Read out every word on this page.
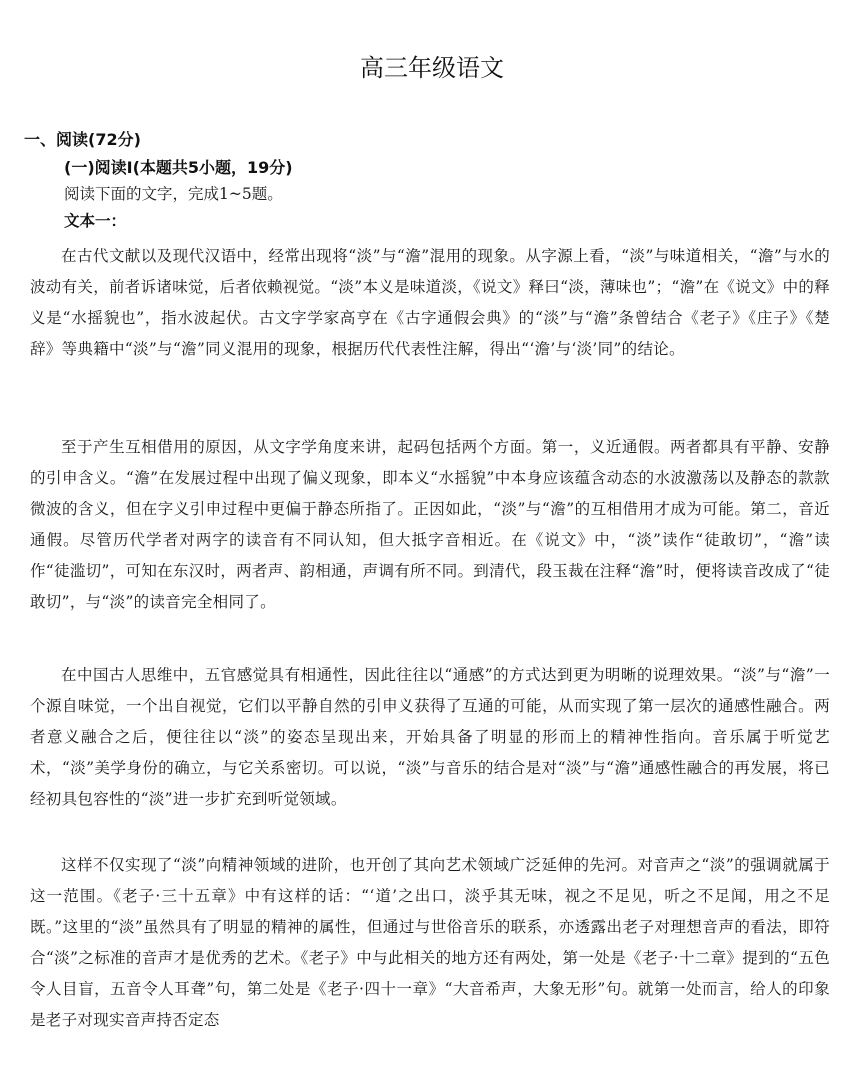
高三年级语文
一、阅读(72分)
(一)阅读Ⅰ(本题共5小题，19分)
阅读下面的文字，完成1~5题。
文本一：

在古代文献以及现代汉语中，经常出现将“淡”与“澹”混用的现象。从字源上看，“淡”与味道相关，“澹”与水的波动有关，前者诉诸味觉，后者依赖视觉。“淡”本义是味道淡，《说文》释曰“淡，薄味也”；“澹”在《说文》中的释义是“水摇貌也”，指水波起伏。古文字学家高亨在《古字通假会典》的“淡”与“澹”条曾结合《老子》《庄子》《楚辞》等典籍中“淡”与“澹”同义混用的现象，根据历代代表性注解，得出“‘澹’与‘淡’同”的结论。

至于产生互相借用的原因，从文字学角度来讲，起码包括两个方面。第一，义近通假。两者都具有平静、安静的引申含义。“澹”在发展过程中出现了偏义现象，即本义“水摇貌”中本身应该蕴含动态的水波激荡以及静态的款款微波的含义，但在字义引申过程中更偏于静态所指了。正因如此，“淡”与“澹”的互相借用才成为可能。第二，音近通假。尽管历代学者对两字的读音有不同认知，但大抵字音相近。在《说文》中，“淡”读作“徒敢切”，“澹”读作“徒滥切”，可知在东汉时，两者声、韵相通，声调有所不同。到清代，段玉裁在注释“澹”时，便将读音改成了“徒敢切”，与“淡”的读音完全相同了。

在中国古人思维中，五官感觉具有相通性，因此往往以“通感”的方式达到更为明晰的说理效果。“淡”与“澹”一个源自味觉，一个出自视觉，它们以平静自然的引申义获得了互通的可能，从而实现了第一层次的通感性融合。两者意义融合之后，便往往以“淡”的姿态呈现出来，开始具备了明显的形而上的精神性指向。音乐属于听觉艺术，“淡”美学身份的确立，与它关系密切。可以说，“淡”与音乐的结合是对“淡”与“澹”通感性融合的再发展，将已经初具包容性的“淡”进一步扩充到听觉领域。

这样不仅实现了“淡”向精神领域的进阶，也开创了其向艺术领域广泛延伸的先河。对音声之“淡”的强调就属于这一范围。《老子·三十五章》中有这样的话：“‘道’之出口，淡乎其无味，视之不足见，听之不足闻，用之不足既。”这里的“淡”虽然具有了明显的精神的属性，但通过与世俗音乐的联系，亦透露出老子对理想音声的看法，即符合“淡”之标准的音声才是优秀的艺术。《老子》中与此相关的地方还有两处，第一处是《老子·十二章》提到的“五色令人目盲，五音令人耳聋”句，第二处是《老子·四十一章》“大音希声，大象无形”句。就第一处而言，给人的印象是老子对现实音声持否定态
